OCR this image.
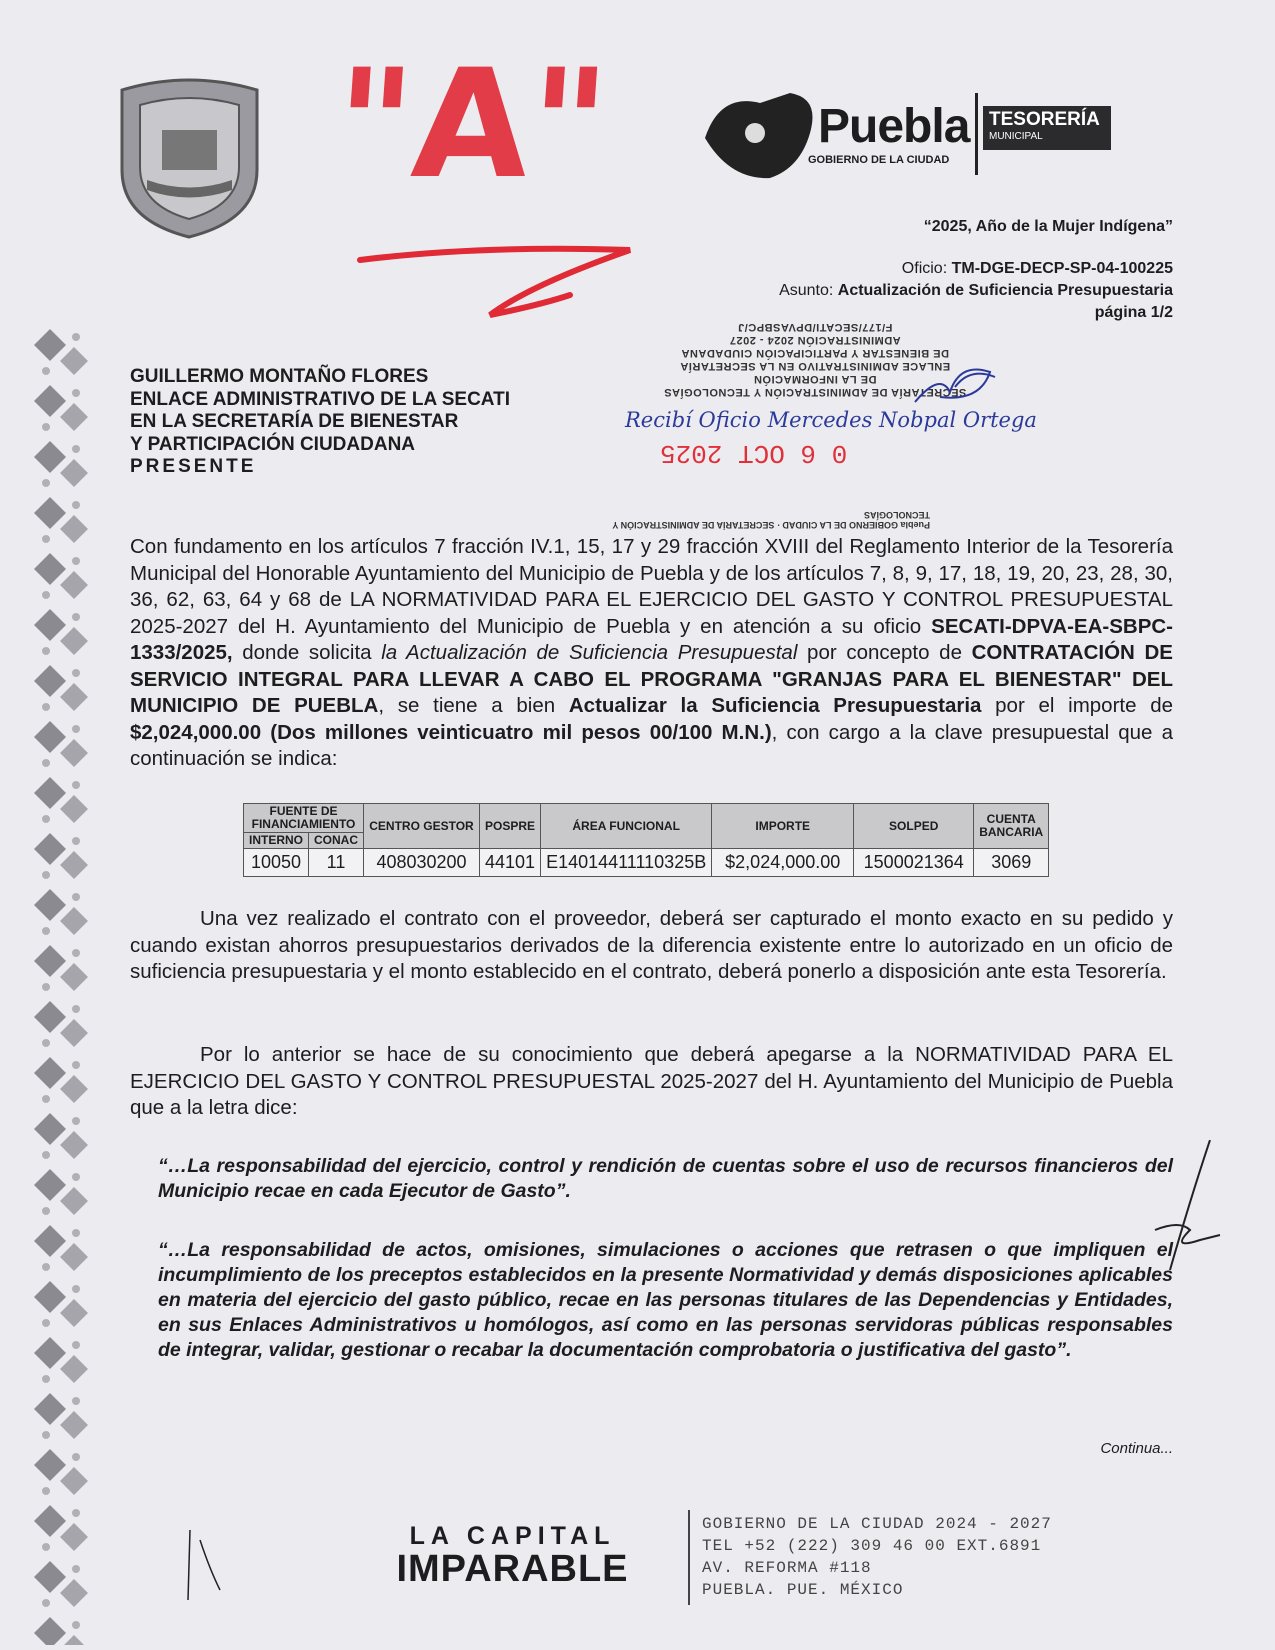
"A"	Puebla
GOBIERNO DE LA CIUDAD
TESORERÍA
MUNICIPAL
“2025, Año de la Mujer Indígena”
Oficio: TM-DGE-DECP-SP-04-100225
Asunto: Actualización de Suficiencia Presupuestaria
página 1/2
GUILLERMO MONTAÑO FLORES
ENLACE ADMINISTRATIVO DE LA SECATI
EN LA SECRETARÍA DE BIENESTAR
Y PARTICIPACIÓN CIUDADANA
PRESENTE
SECRETARÍA DE ADMINISTRACIÓN Y TECNOLOGÍAS
DE LA INFORMACIÓN
ENLACE ADMINISTRATIVO EN LA SECRETARÍA
DE BIENESTAR Y PARTICIPACIÓN CIUDADANA
ADMINISTRACIÓN 2024 - 2027
F/177/SECATI/DPVASBPC/J
Recibí Oficio Mercedes Nobpal Ortega
0 6 OCT 2025
Puebla GOBIERNO DE LA CIUDAD · SECRETARÍA DE ADMINISTRACIÓN Y TECNOLOGÍAS
Con fundamento en los artículos 7 fracción IV.1, 15, 17 y 29 fracción XVIII del Reglamento Interior de la Tesorería Municipal del Honorable Ayuntamiento del Municipio de Puebla y de los artículos 7, 8, 9, 17, 18, 19, 20, 23, 28, 30, 36, 62, 63, 64 y 68 de LA NORMATIVIDAD PARA EL EJERCICIO DEL GASTO Y CONTROL PRESUPUESTAL 2025-2027 del H. Ayuntamiento del Municipio de Puebla y en atención a su oficio SECATI-DPVA-EA-SBPC-1333/2025, donde solicita la Actualización de Suficiencia Presupuestal por concepto de CONTRATACIÓN DE SERVICIO INTEGRAL PARA LLEVAR A CABO EL PROGRAMA "GRANJAS PARA EL BIENESTAR" DEL MUNICIPIO DE PUEBLA, se tiene a bien Actualizar la Suficiencia Presupuestaria por el importe de $2,024,000.00 (Dos millones veinticuatro mil pesos 00/100 M.N.), con cargo a la clave presupuestal que a continuación se indica:
FUENTE DE FINANCIAMIENTO		CENTRO GESTOR	POSPRE	ÁREA FUNCIONAL	IMPORTE	SOLPED	CUENTA BANCARIA
INTERNO	CONAC						
10050	11	408030200	44101	E14014411110325B	$2,024,000.00	1500021364	3069
Una vez realizado el contrato con el proveedor, deberá ser capturado el monto exacto en su pedido y cuando existan ahorros presupuestarios derivados de la diferencia existente entre lo autorizado en un oficio de suficiencia presupuestaria y el monto establecido en el contrato, deberá ponerlo a disposición ante esta Tesorería.
Por lo anterior se hace de su conocimiento que deberá apegarse a la NORMATIVIDAD PARA EL EJERCICIO DEL GASTO Y CONTROL PRESUPUESTAL 2025-2027 del H. Ayuntamiento del Municipio de Puebla que a la letra dice:
“…La responsabilidad del ejercicio, control y rendición de cuentas sobre el uso de recursos financieros del Municipio recae en cada Ejecutor de Gasto”.
“…La responsabilidad de actos, omisiones, simulaciones o acciones que retrasen o que impliquen el incumplimiento de los preceptos establecidos en la presente Normatividad y demás disposiciones aplicables en materia del ejercicio del gasto público, recae en las personas titulares de las Dependencias y Entidades, en sus Enlaces Administrativos u homólogos, así como en las personas servidoras públicas responsables de integrar, validar, gestionar o recabar la documentación comprobatoria o justificativa del gasto”.
Continua...
LA CAPITAL
IMPARABLE
GOBIERNO DE LA CIUDAD 2024 - 2027
TEL +52 (222) 309 46 00 EXT.6891
AV. REFORMA #118
PUEBLA. PUE. MÉXICO
